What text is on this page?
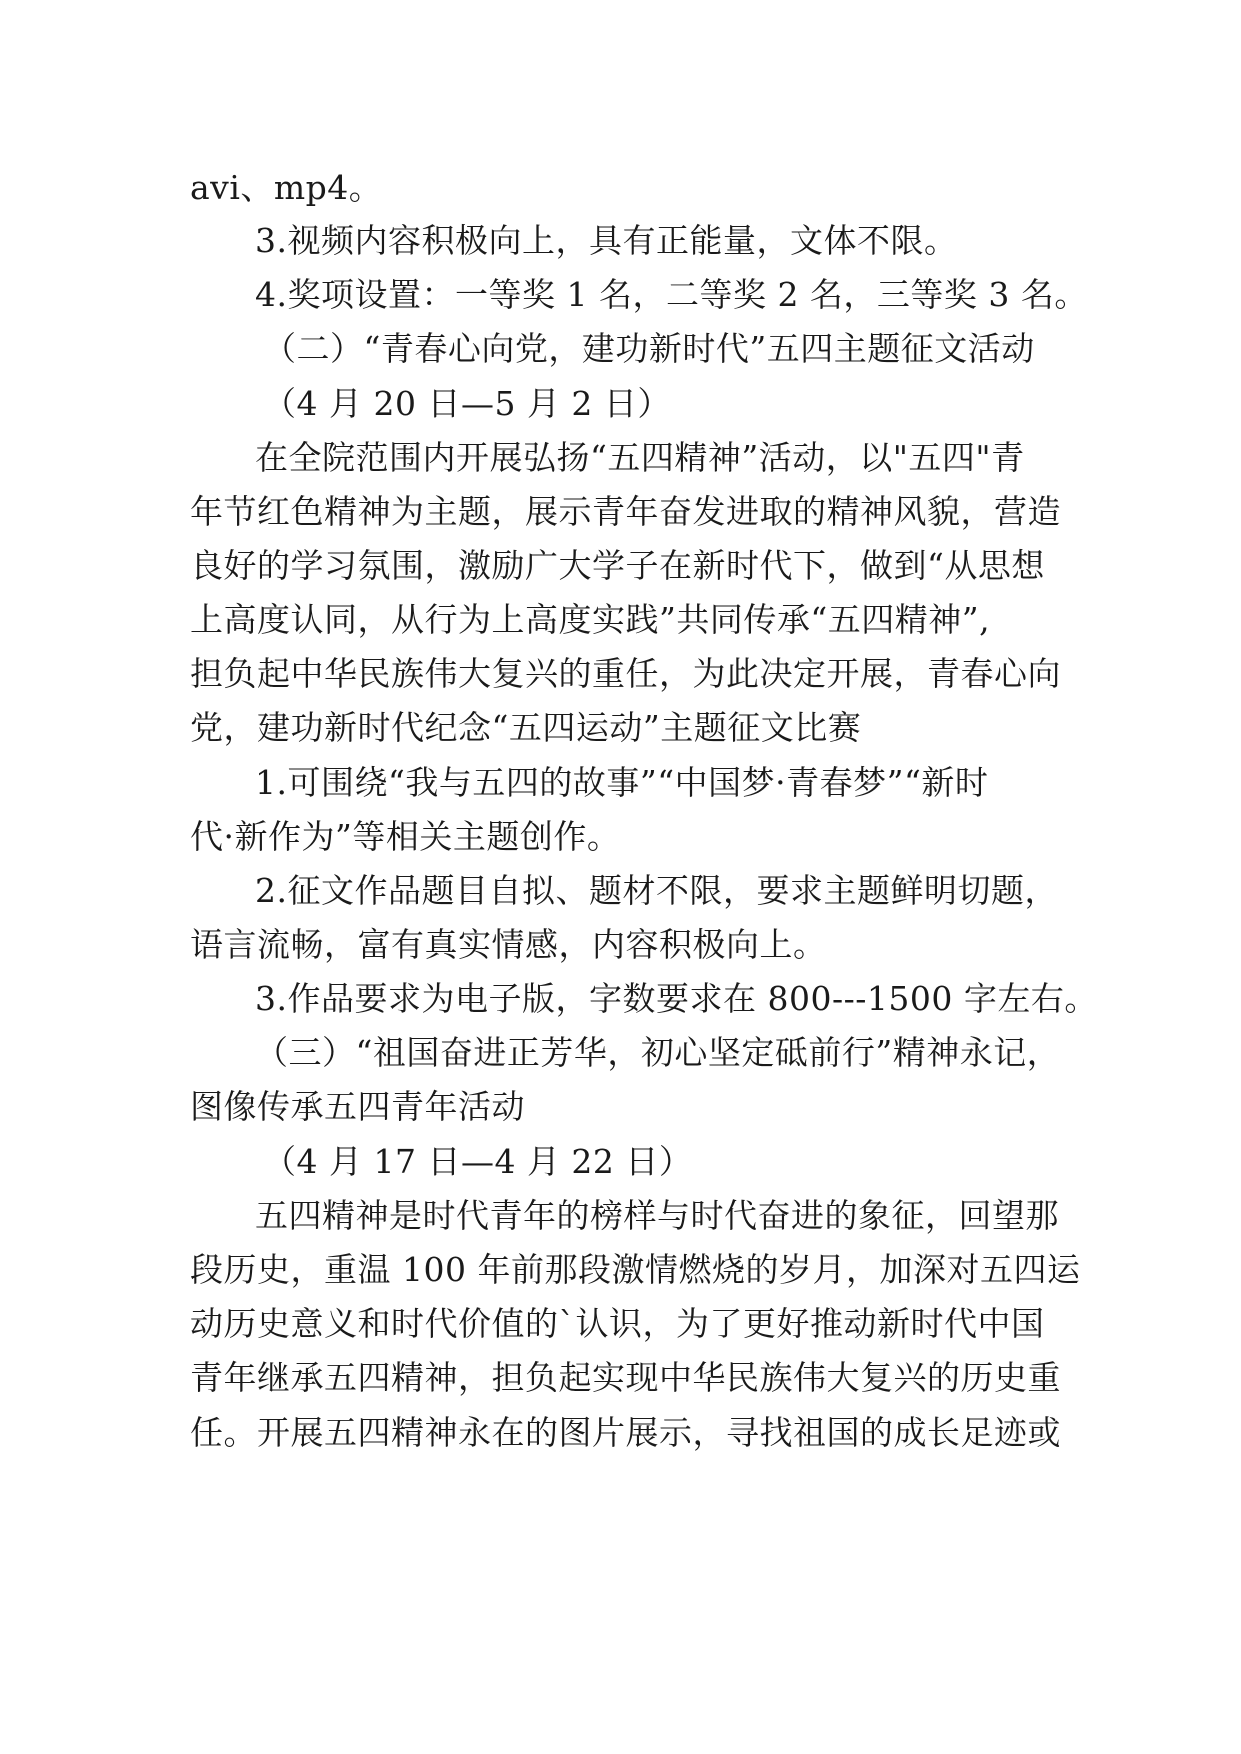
avi、mp4。
3.视频内容积极向上，具有正能量，文体不限。
4.奖项设置：一等奖 1 名，二等奖 2 名，三等奖 3 名。
（二）“青春心向党，建功新时代”五四主题征文活动
（4 月 20 日—5 月 2 日）
在全院范围内开展弘扬“五四精神”活动，以"五四"青
年节红色精神为主题，展示青年奋发进取的精神风貌，营造
良好的学习氛围，激励广大学子在新时代下，做到“从思想
上高度认同，从行为上高度实践”共同传承“五四精神”,
担负起中华民族伟大复兴的重任，为此决定开展，青春心向
党，建功新时代纪念“五四运动”主题征文比赛
1.可围绕“我与五四的故事”“中国梦·青春梦”“新时
代·新作为”等相关主题创作。
2.征文作品题目自拟、题材不限，要求主题鲜明切题，
语言流畅，富有真实情感，内容积极向上。
3.作品要求为电子版，字数要求在 800---1500 字左右。
（三）“祖国奋进正芳华，初心坚定砥前行”精神永记，
图像传承五四青年活动
（4 月 17 日—4 月 22 日）
五四精神是时代青年的榜样与时代奋进的象征，回望那
段历史，重温 100 年前那段激情燃烧的岁月，加深对五四运
动历史意义和时代价值的`认识，为了更好推动新时代中国
青年继承五四精神，担负起实现中华民族伟大复兴的历史重
任。开展五四精神永在的图片展示，寻找祖国的成长足迹或
